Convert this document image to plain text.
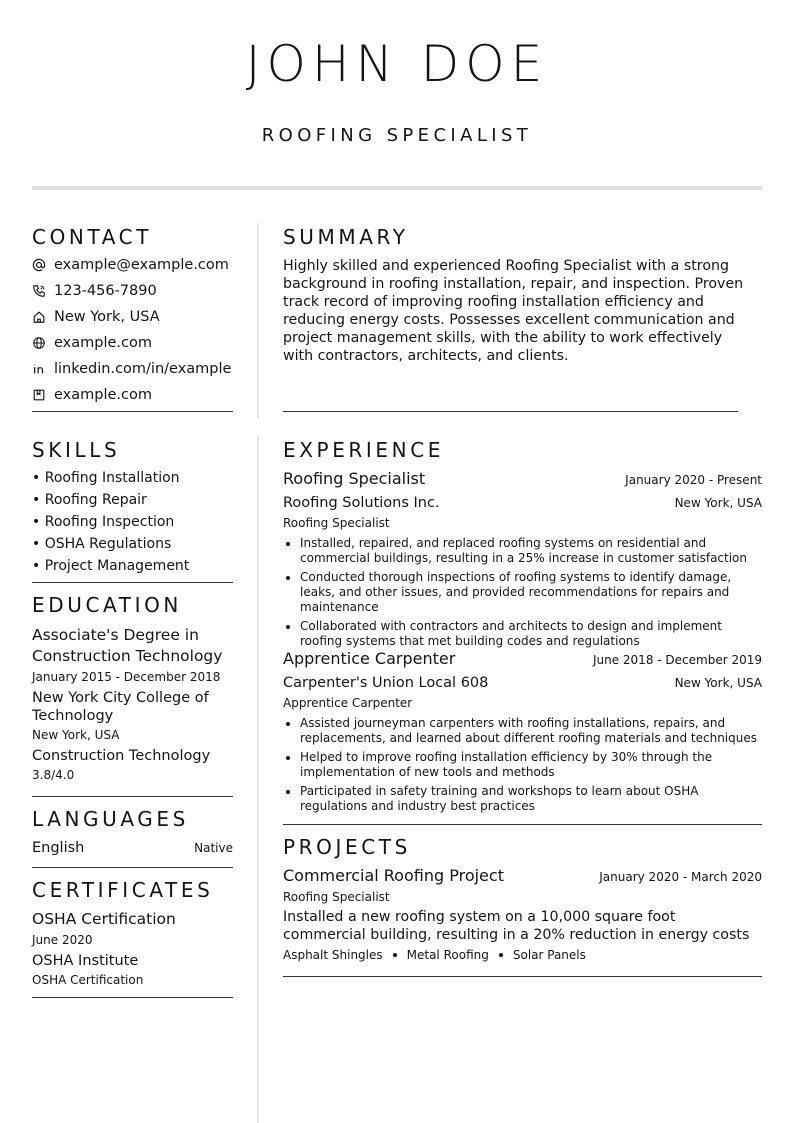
JOHN DOE
ROOFING SPECIALIST
CONTACT
example@example.com
123-456-7890
New York, USA
example.com
linkedin.com/in/example
example.com
SKILLS
• Roofing Installation
• Roofing Repair
• Roofing Inspection
• OSHA Regulations
• Project Management
EDUCATION
Associate's Degree in Construction Technology
January 2015 - December 2018
New York City College of Technology
New York, USA
Construction Technology
3.8/4.0
LANGUAGES
English	Native
CERTIFICATES
OSHA Certification
June 2020
OSHA Institute
OSHA Certification
SUMMARY
Highly skilled and experienced Roofing Specialist with a strong background in roofing installation, repair, and inspection. Proven track record of improving roofing installation efficiency and reducing energy costs. Possesses excellent communication and project management skills, with the ability to work effectively with contractors, architects, and clients.
EXPERIENCE
Roofing Specialist	January 2020 - Present
Roofing Solutions Inc.	New York, USA
Roofing Specialist
Installed, repaired, and replaced roofing systems on residential and commercial buildings, resulting in a 25% increase in customer satisfaction
Conducted thorough inspections of roofing systems to identify damage, leaks, and other issues, and provided recommendations for repairs and maintenance
Collaborated with contractors and architects to design and implement roofing systems that met building codes and regulations
Apprentice Carpenter	June 2018 - December 2019
Carpenter's Union Local 608	New York, USA
Apprentice Carpenter
Assisted journeyman carpenters with roofing installations, repairs, and replacements, and learned about different roofing materials and techniques
Helped to improve roofing installation efficiency by 30% through the implementation of new tools and methods
Participated in safety training and workshops to learn about OSHA regulations and industry best practices
PROJECTS
Commercial Roofing Project	January 2020 - March 2020
Roofing Specialist
Installed a new roofing system on a 10,000 square foot commercial building, resulting in a 20% reduction in energy costs
Asphalt Shingles Metal Roofing Solar Panels
